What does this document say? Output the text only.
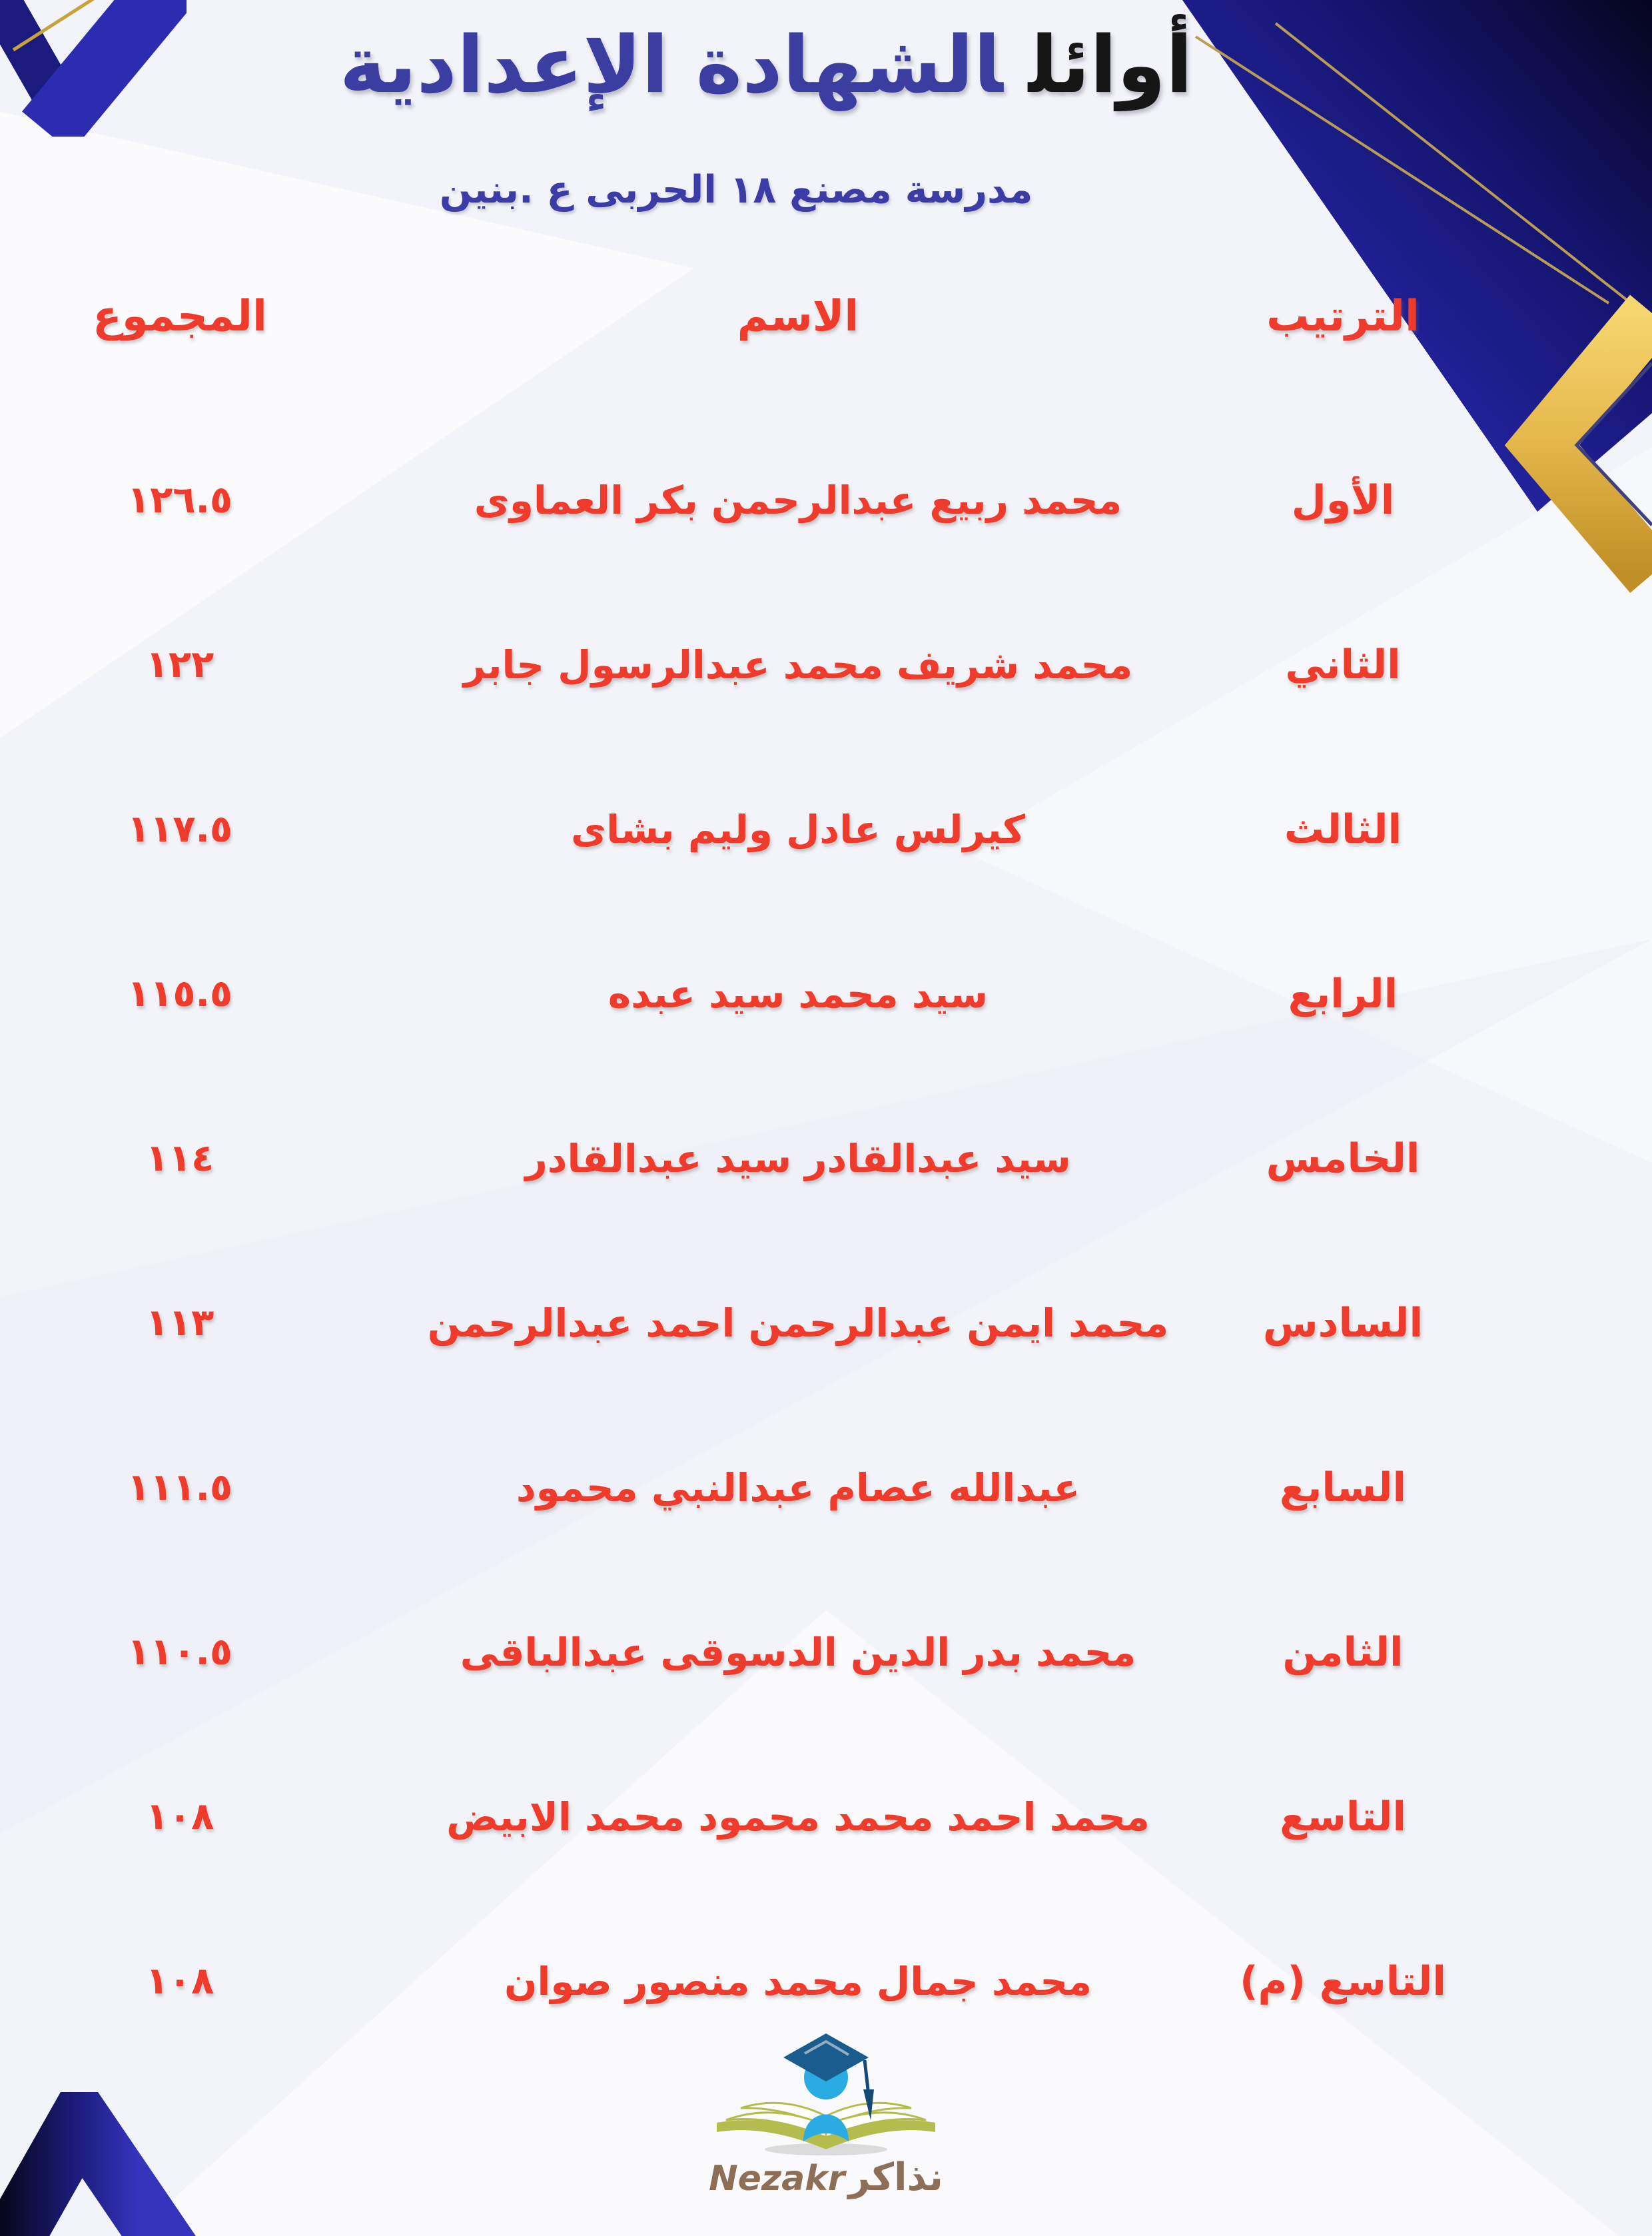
أوائلالشهادة الإعدادية
مدرسة مصنع ١٨ الحربى ع .بنين
الترتيب
الاسم
المجموع
الأول
محمد ربيع عبدالرحمن بكر العماوى
١٢٦.٥
الثاني
محمد شريف محمد عبدالرسول جابر
١٢٢
الثالث
كيرلس عادل وليم بشاى
١١٧.٥
الرابع
سيد محمد سيد عبده
١١٥.٥
الخامس
سيد عبدالقادر سيد عبدالقادر
١١٤
السادس
محمد ايمن عبدالرحمن احمد عبدالرحمن
١١٣
السابع
عبدالله عصام عبدالنبي محمود
١١١.٥
الثامن
محمد بدر الدين الدسوقى عبدالباقى
١١٠.٥
التاسع
محمد احمد محمد محمود محمد الابيض
١٠٨
التاسع (م)
محمد جمال محمد منصور صوان
١٠٨
Nezakr نذاكر
